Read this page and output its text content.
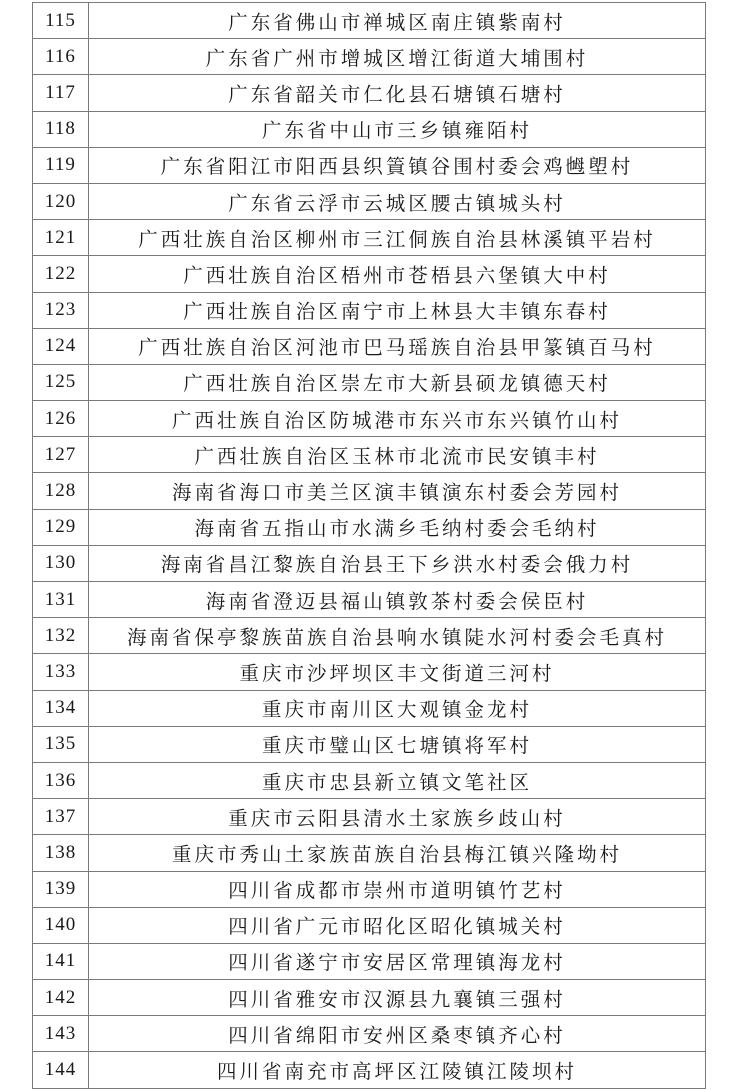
115	广东省佛山市禅城区南庄镇紫南村
116	广东省广州市增城区增江街道大埔围村
117	广东省韶关市仁化县石塘镇石塘村
118	广东省中山市三乡镇雍陌村
119	广东省阳江市阳西县织篢镇谷围村委会鸡乸塱村
120	广东省云浮市云城区腰古镇城头村
121	广西壮族自治区柳州市三江侗族自治县林溪镇平岩村
122	广西壮族自治区梧州市苍梧县六堡镇大中村
123	广西壮族自治区南宁市上林县大丰镇东春村
124	广西壮族自治区河池市巴马瑶族自治县甲篆镇百马村
125	广西壮族自治区崇左市大新县硕龙镇德天村
126	广西壮族自治区防城港市东兴市东兴镇竹山村
127	广西壮族自治区玉林市北流市民安镇丰村
128	海南省海口市美兰区演丰镇演东村委会芳园村
129	海南省五指山市水满乡毛纳村委会毛纳村
130	海南省昌江黎族自治县王下乡洪水村委会俄力村
131	海南省澄迈县福山镇敦茶村委会侯臣村
132	海南省保亭黎族苗族自治县响水镇陡水河村委会毛真村
133	重庆市沙坪坝区丰文街道三河村
134	重庆市南川区大观镇金龙村
135	重庆市璧山区七塘镇将军村
136	重庆市忠县新立镇文笔社区
137	重庆市云阳县清水土家族乡歧山村
138	重庆市秀山土家族苗族自治县梅江镇兴隆坳村
139	四川省成都市崇州市道明镇竹艺村
140	四川省广元市昭化区昭化镇城关村
141	四川省遂宁市安居区常理镇海龙村
142	四川省雅安市汉源县九襄镇三强村
143	四川省绵阳市安州区桑枣镇齐心村
144	四川省南充市高坪区江陵镇江陵坝村
